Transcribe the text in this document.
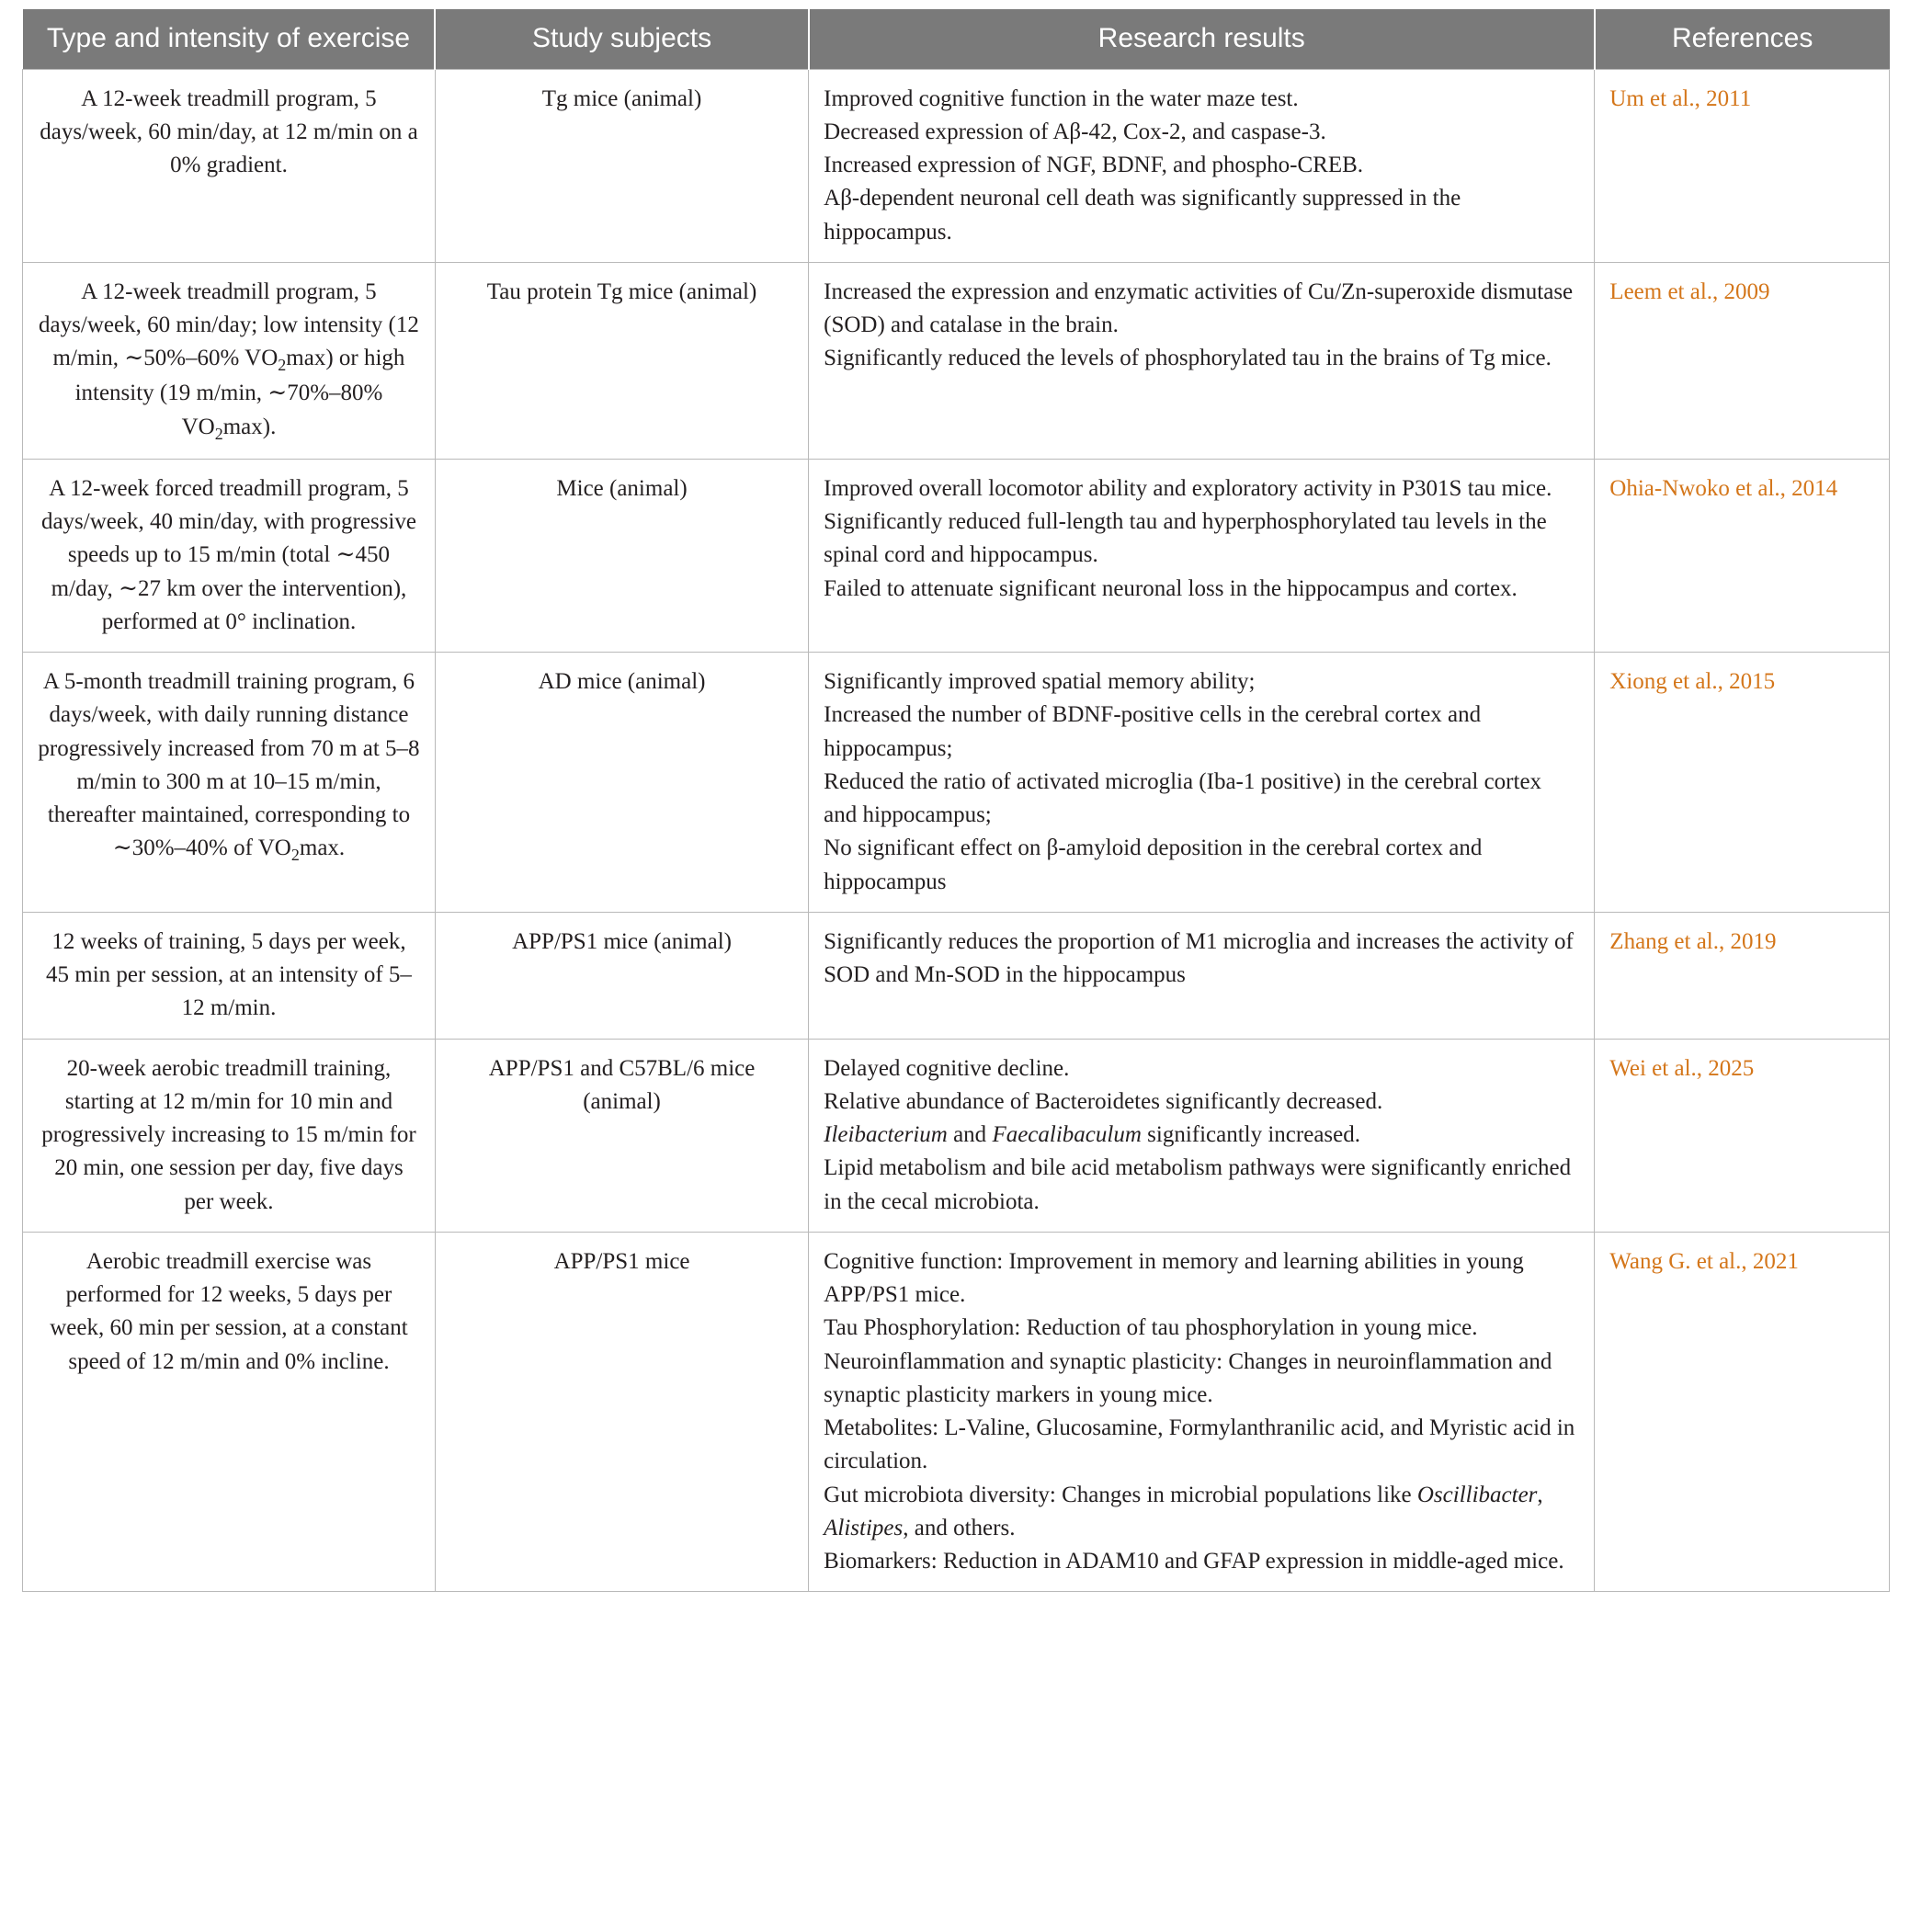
Type and intensity of exercise	Study subjects	Research results	References
A 12-week treadmill program, 5 days/week, 60 min/day, at 12 m/min on a 0% gradient.	Tg mice (animal)	Improved cognitive function in the water maze test.
Decreased expression of Aβ-42, Cox-2, and caspase-3.
Increased expression of NGF, BDNF, and phospho-CREB.
Aβ-dependent neuronal cell death was significantly suppressed in the hippocampus.	Um et al., 2011
A 12-week treadmill program, 5 days/week, 60 min/day; low intensity (12 m/min, ∼50%–60% $VO_2\max$) or high intensity (19 m/min, ∼70%–80% $VO_2\max$).	Tau protein Tg mice (animal)	Increased the expression and enzymatic activities of Cu/Zn-superoxide dismutase (SOD) and catalase in the brain.
Significantly reduced the levels of phosphorylated tau in the brains of Tg mice.	Leem et al., 2009
A 12-week forced treadmill program, 5 days/week, 40 min/day, with progressive speeds up to 15 m/min (total ∼450 m/day, ∼27 km over the intervention), performed at 0° inclination.	Mice (animal)	Improved overall locomotor ability and exploratory activity in P301S tau mice.
Significantly reduced full-length tau and hyperphosphorylated tau levels in the spinal cord and hippocampus.
Failed to attenuate significant neuronal loss in the hippocampus and cortex.	Ohia-Nwoko et al., 2014
A 5-month treadmill training program, 6 days/week, with daily running distance progressively increased from 70 m at 5–8 m/min to 300 m at 10–15 m/min, thereafter maintained, corresponding to ∼30%–40% of $VO_2\max$.	AD mice (animal)	Significantly improved spatial memory ability;
Increased the number of BDNF-positive cells in the cerebral cortex and hippocampus;
Reduced the ratio of activated microglia (Iba-1 positive) in the cerebral cortex and hippocampus;
No significant effect on β-amyloid deposition in the cerebral cortex and hippocampus
	Xiong et al., 2015
12 weeks of training, 5 days per week, 45 min per session, at an intensity of 5–12 m/min.	APP/PS1 mice (animal)	Significantly reduces the proportion of M1 microglia and increases the activity of SOD and Mn-SOD in the hippocampus	Zhang et al., 2019
20-week aerobic treadmill training, starting at 12 m/min for 10 min and progressively increasing to 15 m/min for 20 min, one session per day, five days per week.	APP/PS1 and C57BL/6 mice (animal)	Delayed cognitive decline.
Relative abundance of Bacteroidetes significantly decreased.
Ileibacterium and Faecalibaculum significantly increased.
Lipid metabolism and bile acid metabolism pathways were significantly enriched in the cecal microbiota.	Wei et al., 2025
Aerobic treadmill exercise was performed for 12 weeks, 5 days per week, 60 min per session, at a constant speed of 12 m/min and 0% incline.	APP/PS1 mice	Cognitive function: Improvement in memory and learning abilities in young APP/PS1 mice.
Tau Phosphorylation: Reduction of tau phosphorylation in young mice.
Neuroinflammation and synaptic plasticity: Changes in neuroinflammation and synaptic plasticity markers in young mice.
Metabolites: L-Valine, Glucosamine, Formylanthranilic acid, and Myristic acid in circulation.
Gut microbiota diversity: Changes in microbial populations like Oscillibacter, Alistipes, and others.
Biomarkers: Reduction in ADAM10 and GFAP expression in middle-aged mice.
	Wang G. et al., 2021
